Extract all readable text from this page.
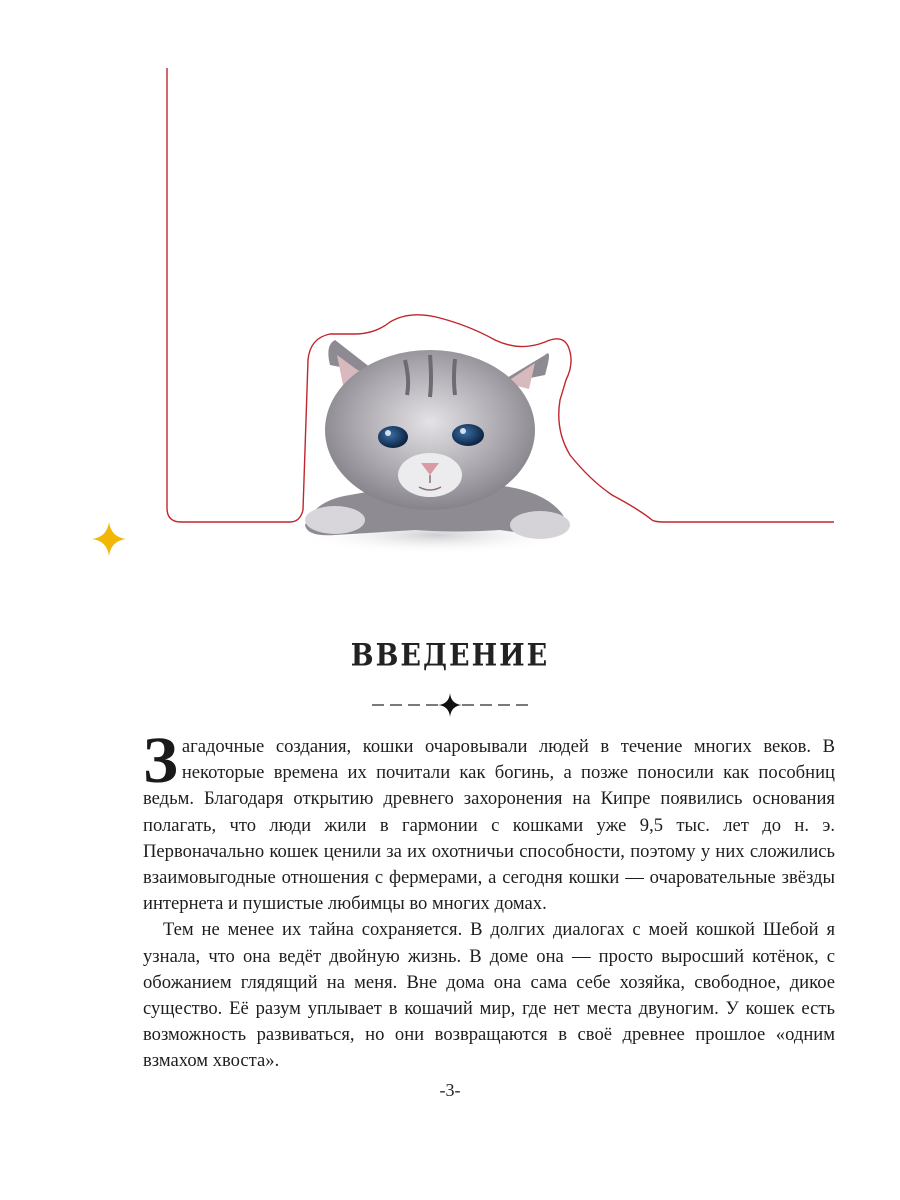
ВВЕДЕНИЕ

Загадочные создания, кошки очаровывали людей в течение многих веков. В некоторые времена их почитали как богинь, а позже поносили как пособниц ведьм. Благодаря открытию древнего захоронения на Кипре появились основания полагать, что люди жили в гармонии с кошками уже 9,5 тыс. лет до н. э. Первоначально кошек ценили за их охотничьи способности, поэтому у них сложились взаимовыгодные отношения с фермерами, а сегодня кошки — очаровательные звёзды интернета и пушистые любимцы во многих домах.

Тем не менее их тайна сохраняется. В долгих диалогах с моей кошкой Шебой я узнала, что она ведёт двойную жизнь. В доме она — просто выросший котёнок, с обожанием глядящий на меня. Вне дома она сама себе хозяйка, свободное, дикое существо. Её разум уплывает в кошачий мир, где нет места двуногим. У кошек есть возможность развиваться, но они возвращаются в своё древнее прошлое «одним взмахом хвоста».

-3-
